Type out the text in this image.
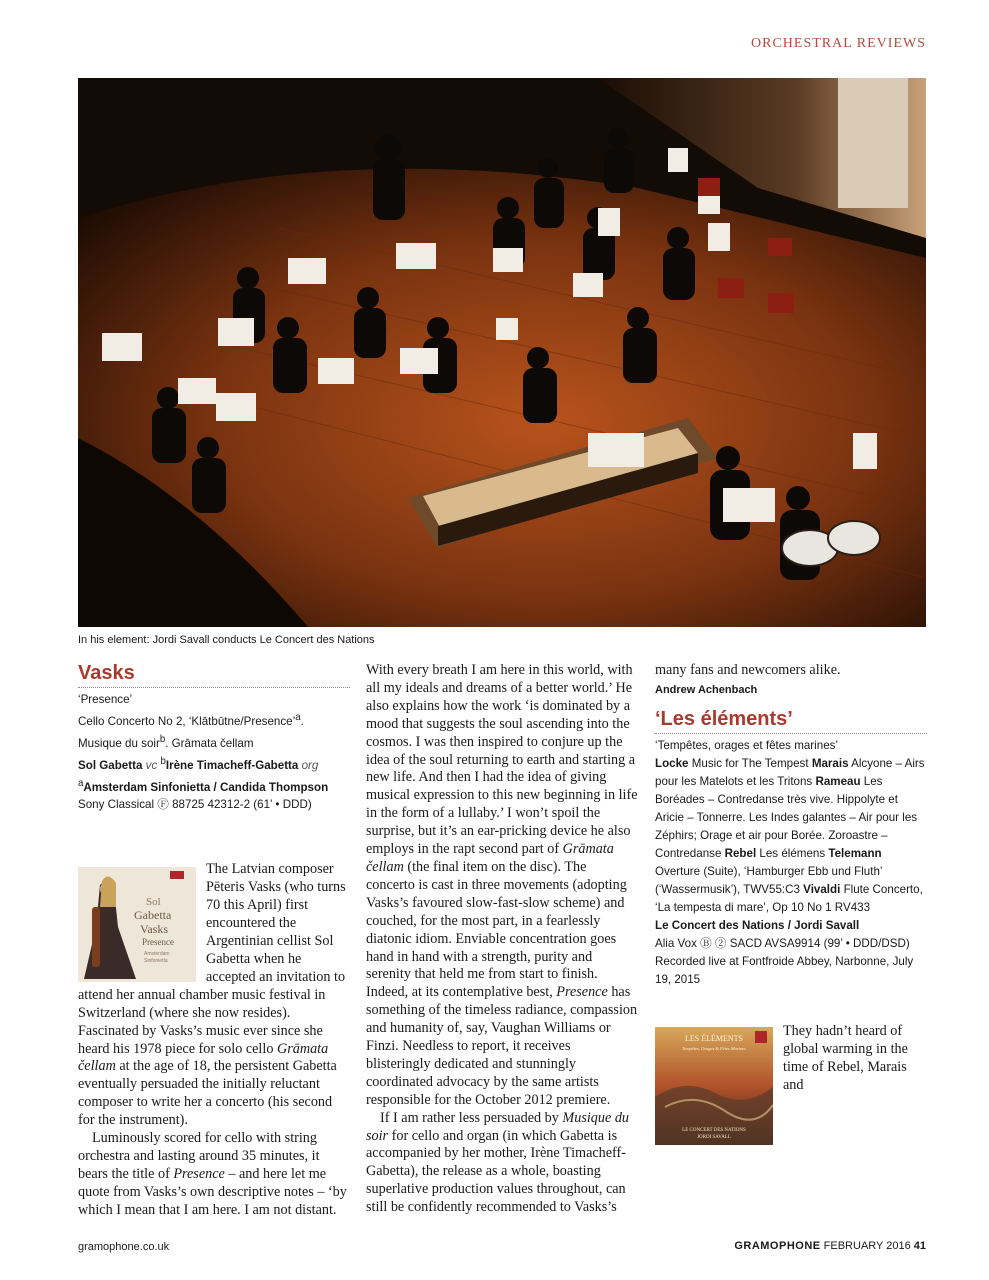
ORCHESTRAL REVIEWS
In his element: Jordi Savall conducts Le Concert des Nations
Vasks
‘Presence’
Cello Concerto No 2, ‘Klātbūtne/Presence’$^a$. Musique du soir$^b$. Grāmata čellam
Sol Gabetta vc $^b$Irène Timacheff-Gabetta org
$^a$Amsterdam Sinfonietta / Candida Thompson
Sony Classical Ⓕ 88725 42312-2 (61’ • DDD)
Sol
Gabetta
Vasks
Presence
Amsterdam
Sinfonietta

The Latvian composer Pēteris Vasks (who turns 70 this April) first encountered the Argentinian cellist Sol Gabetta when he accepted an invitation to attend her annual chamber music festival in Switzerland (where she now resides). Fascinated by Vasks’s music ever since she heard his 1978 piece for solo cello Grāmata čellam at the age of 18, the persistent Gabetta eventually persuaded the initially reluctant composer to write her a concerto (his second for the instrument).

Luminously scored for cello with string orchestra and lasting around 35 minutes, it bears the title of Presence – and here let me quote from Vasks’s own descriptive notes – ‘by which I mean that I am here. I am not distant.

With every breath I am here in this world, with all my ideals and dreams of a better world.’ He also explains how the work ‘is dominated by a mood that suggests the soul ascending into the cosmos. I was then inspired to conjure up the idea of the soul returning to earth and starting a new life. And then I had the idea of giving musical expression to this new beginning in life in the form of a lullaby.’ I won’t spoil the surprise, but it’s an ear-pricking device he also employs in the rapt second part of Grāmata čellam (the final item on the disc). The concerto is cast in three movements (adopting Vasks’s favoured slow-fast-slow scheme) and couched, for the most part, in a fearlessly diatonic idiom. Enviable concentration goes hand in hand with a strength, purity and serenity that held me from start to finish. Indeed, at its contemplative best, Presence has something of the timeless radiance, compassion and humanity of, say, Vaughan Williams or Finzi. Needless to report, it receives blisteringly dedicated and stunningly coordinated advocacy by the same artists responsible for the October 2012 premiere.
If I am rather less persuaded by Musique du soir for cello and organ (in which Gabetta is accompanied by her mother, Irène Timacheff-Gabetta), the release as a whole, boasting superlative production values throughout, can still be confidently recommended to Vasks’s
many fans and newcomers alike.
Andrew Achenbach
‘Les éléments’
‘Tempêtes, orages et fêtes marines’
Locke Music for The Tempest Marais Alcyone – Airs pour les Matelots et les Tritons Rameau Les Boréades – Contredanse très vive. Hippolyte et Aricie – Tonnerre. Les Indes galantes – Air pour les Zéphirs; Orage et air pour Borée. Zoroastre – Contredanse Rebel Les élémens Telemann Overture (Suite), ‘Hamburger Ebb und Fluth’ (‘Wassermusik’), TWV55:C3 Vivaldi Flute Concerto, ‘La tempesta di mare’, Op 10 No 1 RV433
Le Concert des Nations / Jordi Savall
Alia Vox Ⓑ ② SACD AVSA9914 (99’ • DDD/DSD)
Recorded live at Fontfroide Abbey, Narbonne, July 19, 2015
LES ÉLÉMENTS
Tempêtes, Orages & Fêtes Marines
LE CONCERT DES NATIONS
JORDI SAVALL

They hadn’t heard of global warming in the time of Rebel, Marais and

gramophone.co.uk	GRAMOPHONE FEBRUARY 2016 41
